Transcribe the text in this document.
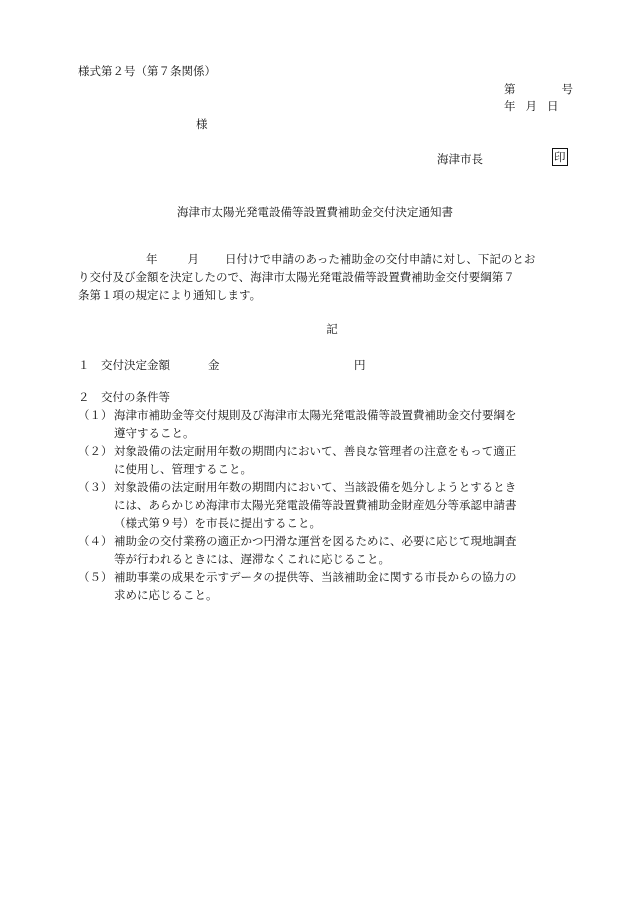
様式第２号（第７条関係）
第	号
年 月 日
様
海津市長	印
海津市太陽光発電設備等設置費補助金交付決定通知書
年	月 日付けで申請のあった補助金の交付申請に対し、下記のとお
り交付及び金額を決定したので、海津市太陽光発電設備等設置費補助金交付要綱第７
条第１項の規定により通知します。
記
１　交付決定金額	金	円
２　交付の条件等
（１） 海津市補助金等交付規則及び海津市太陽光発電設備等設置費補助金交付要綱を
遵守すること。
（２） 対象設備の法定耐用年数の期間内において、善良な管理者の注意をもって適正
に使用し、管理すること。
（３） 対象設備の法定耐用年数の期間内において、当該設備を処分しようとするとき
には、あらかじめ海津市太陽光発電設備等設置費補助金財産処分等承認申請書
（様式第９号）を市長に提出すること。
（４） 補助金の交付業務の適正かつ円滑な運営を図るために、必要に応じて現地調査
等が行われるときには、遅滞なくこれに応じること。
（５） 補助事業の成果を示すデータの提供等、当該補助金に関する市長からの協力の
求めに応じること。
